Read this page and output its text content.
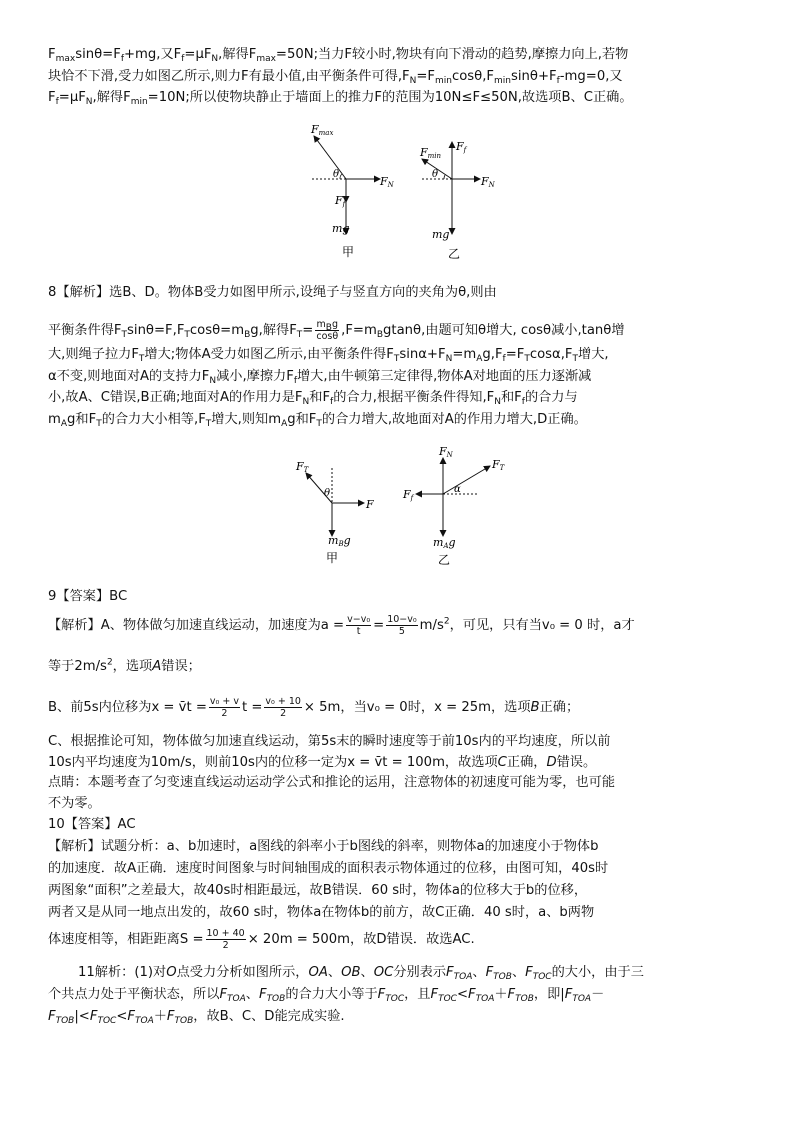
$F_{max}\sin\theta=F_f+mg$,又$F_f=\mu F_N$,解得$F_{max}=50N$;当力F较小时,物块有向下滑动的趋势,摩擦力向上,若物
块恰不下滑,受力如图乙所示,则力F有最小值,由平衡条件可得$,F_N=F_{min}\cos\theta,F_{min}\sin\theta+F_f-mg=0$,又
$F_f=\mu F_N$,解得$F_{min}=10N$;所以使物块静止于墙面上的推力F的范围为10N≤F≤50N,故选项B、C正确。
Fmax
θ
FN
Ff
mg
甲
Fmin
Ff
θ
FN
mg
乙
8【解析】选B、D。物体B受力如图甲所示,设绳子与竖直方向的夹角为θ,则由
平衡条件得$F_T\sin\theta=F,F_T\cos\theta=m_Bg$,解得$F_T= \frac{m_Bg}{\cos\theta} ,F=m_Bgtan\theta$,由题可知θ增大, cosθ减小,tanθ增
大,则绳子拉力$F_T$增大;物体A受力如图乙所示,由平衡条件得$F_T\sin\alpha+F_N=m_Ag,F_f=F_T\cos\alpha,F_T$增大,
α不变,则地面对A的支持力$F_N$减小,摩擦力$F_f$增大,由牛顿第三定律得,物体A对地面的压力逐渐减
小,故A、C错误,B正确;地面对A的作用力是$F_N$和$F_f$的合力,根据平衡条件得知$,F_N$和$F_f$的合力与
$m_Ag$和$F_T$的合力大小相等$,F_T$增大,则知$m_Ag$和$F_T$的合力增大,故地面对A的作用力增大,D正确。
FT
θ
F
mBg
甲
FN
FT
Ff
α
mAg
乙
9【答案】BC
【解析】A、物体做匀加速直线运动，加速度为$a = \frac{\text{v−v₀}}{t} = \frac{\text{10−v₀}}{5} m/s^2$，可见，只有当v₀ = 0 时，a才
等于$2m/s^2$，选项A错误；
B、前5s内位移为x = v̄t = $\frac{\text{v₀ + v}}{2}$ $t = \frac{\text{v₀ + 10}}{2} \times 5m$，当v₀ = 0时，x = 25m，选项B正确；
C、根据推论可知，物体做匀加速直线运动，第5s末的瞬时速度等于前10s内的平均速度，所以前
10s内平均速度为10m/s，则前10s内的位移一定为x = v̄t = 100m，故选项C正确，D错误。
点睛：本题考查了匀变速直线运动运动学公式和推论的运用，注意物体的初速度可能为零，也可能
不为零。
10【答案】AC
【解析】试题分析：a、b加速时，a图线的斜率小于b图线的斜率，则物体a的加速度小于物体b
的加速度．故A正确．速度时间图象与时间轴围成的面积表示物体通过的位移，由图可知，40s时
两图象“面积”之差最大，故40s时相距最远，故B错误．60 s时，物体a的位移大于b的位移，
两者又是从同一地点出发的，故60 s时，物体a在物体b的前方，故C正确．40 s时，a、b两物
体速度相等，相距距离$S = \frac{10 + 40}{2} \times 20m = 500m$，故D错误．故选AC.
11解析：(1)对O点受力分析如图所示，OA、OB、OC分别表示$F_{TOA}$、$F_{TOB}$、$F_{TOC}$的大小，由于三
个共点力处于平衡状态，所以$F_{TOA}$、$F_{TOB}$的合力大小等于$F_{TOC}$，且$F_{TOC}<F_{TOA}+F_{TOB}$，即$|F_{TOA}-$
$F_{TOB}|<F_{TOC}<F_{TOA}+F_{TOB}$，故B、C、D能完成实验.
